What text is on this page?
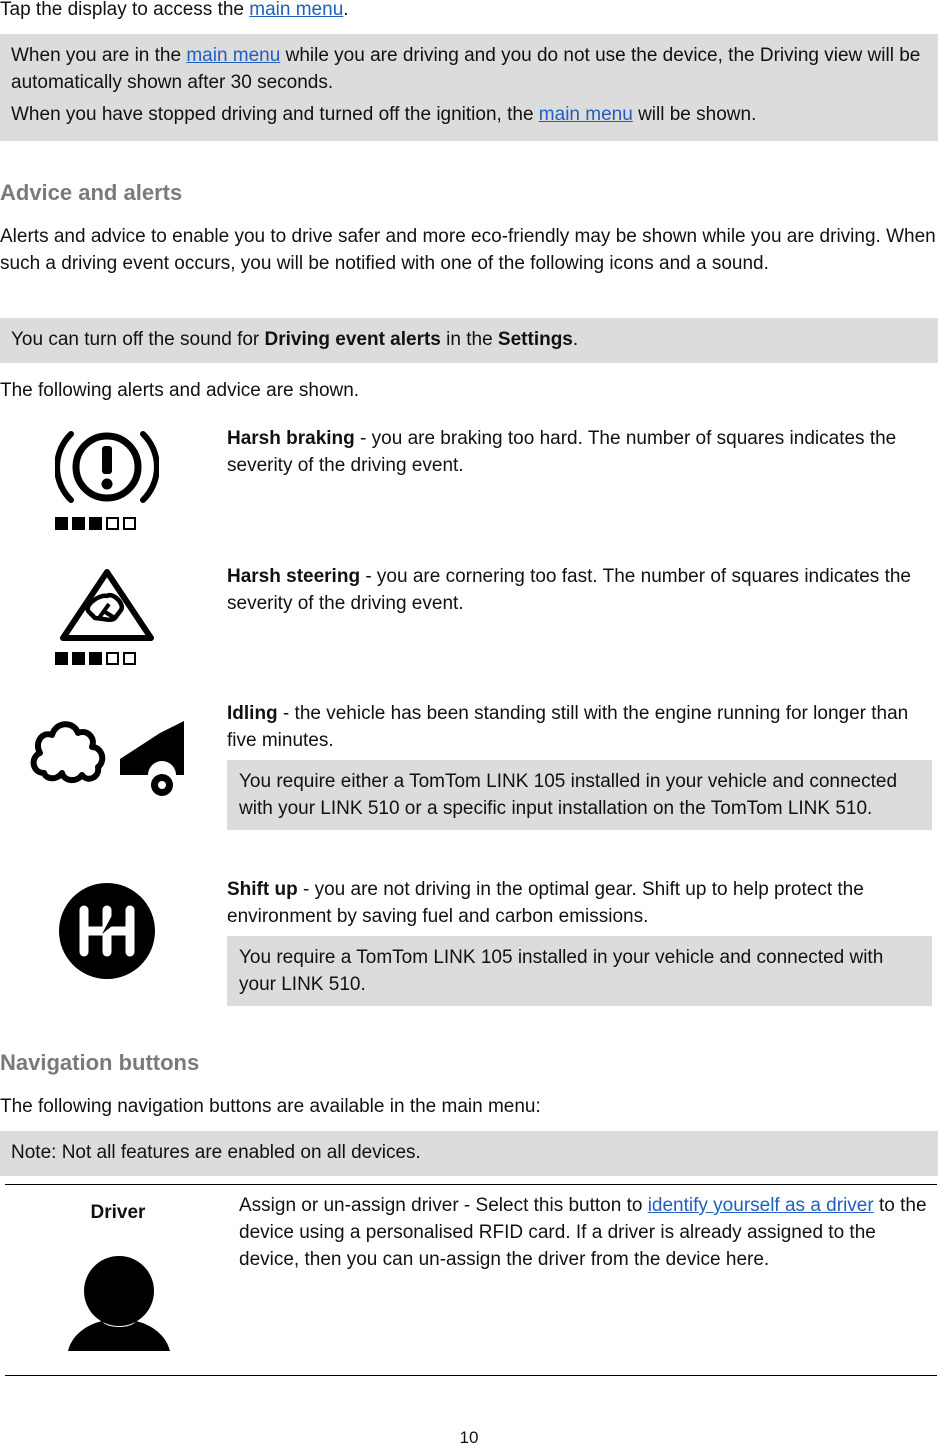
Tap the display to access the main menu.

When you are in the main menu while you are driving and you do not use the device, the Driving view will be automatically shown after 30 seconds.

When you have stopped driving and turned off the ignition, the main menu will be shown.

Advice and alerts

Alerts and advice to enable you to drive safer and more eco-friendly may be shown while you are driving. When such a driving event occurs, you will be notified with one of the following icons and a sound.

You can turn off the sound for Driving event alerts in the Settings.

The following alerts and advice are shown.

Harsh braking - you are braking too hard. The number of squares indicates the severity of the driving event.

Harsh steering - you are cornering too fast. The number of squares indicates the severity of the driving event.

Idling - the vehicle has been standing still with the engine running for longer than five minutes.

You require either a TomTom LINK 105 installed in your vehicle and connected with your LINK 510 or a specific input installation on the TomTom LINK 510.

Shift up - you are not driving in the optimal gear. Shift up to help protect the environment by saving fuel and carbon emissions.

You require a TomTom LINK 105 installed in your vehicle and connected with your LINK 510.
Navigation buttons

The following navigation buttons are available in the main menu:

Note: Not all features are enabled on all devices.
Driver	Assign or un-assign driver - Select this button to identify yourself as a driver to the device using a personalised RFID card. If a driver is already assigned to the device, then you can un-assign the driver from the device here.

10
